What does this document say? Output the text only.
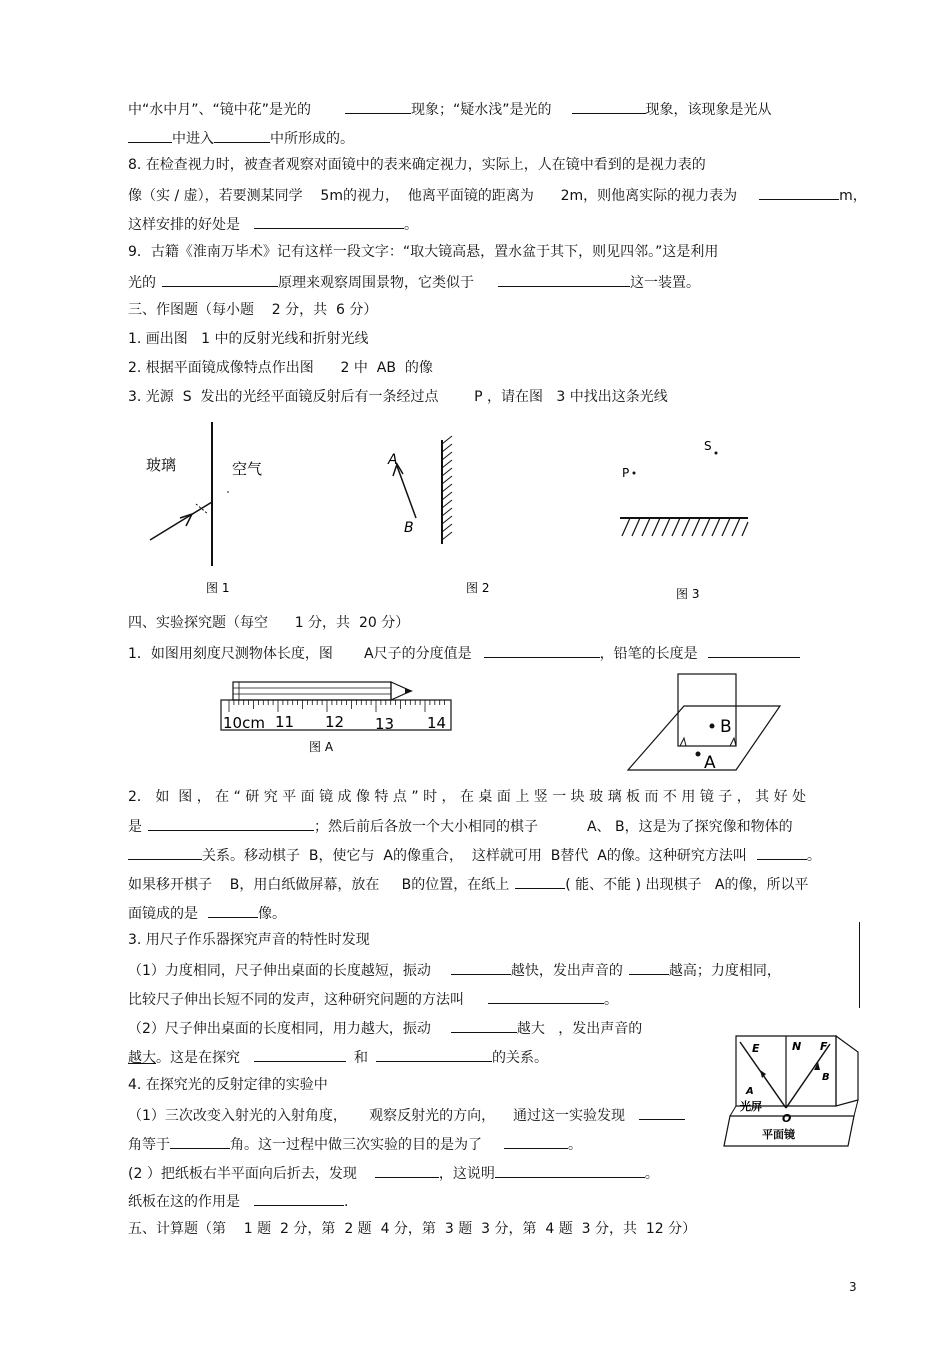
中“水中月”、“镜中花”是光的	现象；“疑水浅”是光的	现象，该现象是光从
中进入	中所形成的。
8. 在检查视力时，被查者观察对面镜中的表来确定视力，实际上，人在镜中看到的是视力表的
像（实 / 虚），若要测某同学    5m的视力，  他离平面镜的距离为      2m，则他离实际的视力表为	m，
这样安排的好处是	。
9．古籍《淮南万毕术》记有这样一段文字：“取大镜高悬，置水盆于其下，则见四邻。”这是利用
光的	原理来观察周围景物，它类似于	这一装置。
三、作图题（每小题    2 分，共  6 分）
1. 画出图   1 中的反射光线和折射光线
2. 根据平面镜成像特点作出图      2 中  AB  的像
3. 光源  S  发出的光经平面镜反射后有一条经过点        P ，请在图   3 中找出这条光线
玻璃	空气
图 1
A
B
图 2
S
P
图 3
四、实验探究题（每空      1 分，共  20 分）
1．如图用刻度尺测物体长度，图       A尺子的分度值是	，铅笔的长度是
10cm 11 12 13 14
图 A
B
A
2． 如  图 ， 在 “ 研 究 平 面 镜 成 像 特 点 ” 时 ， 在 桌 面 上 竖 一 块 玻 璃 板 而 不 用 镜 子 ， 其 好 处
是	；然后前后各放一个大小相同的棋子           A、 B，这是为了探究像和物体的
关系。移动棋子  B，使它与  A的像重合，  这样就可用  B替代  A的像。这种研究方法叫	。
如果移开棋子    B，用白纸做屏幕，放在     B的位置，在纸上	( 能、不能 ) 出现棋子   A的像，所以平
面镜成的是	像。
3. 用尺子作乐器探究声音的特性时发现
（1）力度相同，尺子伸出桌面的长度越短，振动	越快，发出声音的	越高；力度相同，
比较尺子伸出长短不同的发声，这种研究问题的方法叫	。
（2）尺子伸出桌面的长度相同，用力越大，振动	越大   ，发出声音的
越大。这是在探究	和	的关系。
E	N F
A
B
光屏
O
平面镜
4. 在探究光的反射定律的实验中
（1）三次改变入射光的入射角度，     观察反射光的方向，    通过这一实验发现
角等于	角。这一过程中做三次实验的目的是为了	。
(2 ）把纸板右半平面向后折去，发现	，这说明	。
纸板在这的作用是	.
五、计算题（第    1 题  2 分，第  2 题  4 分，第  3 题  3 分，第  4 题  3 分，共  12 分）
3
